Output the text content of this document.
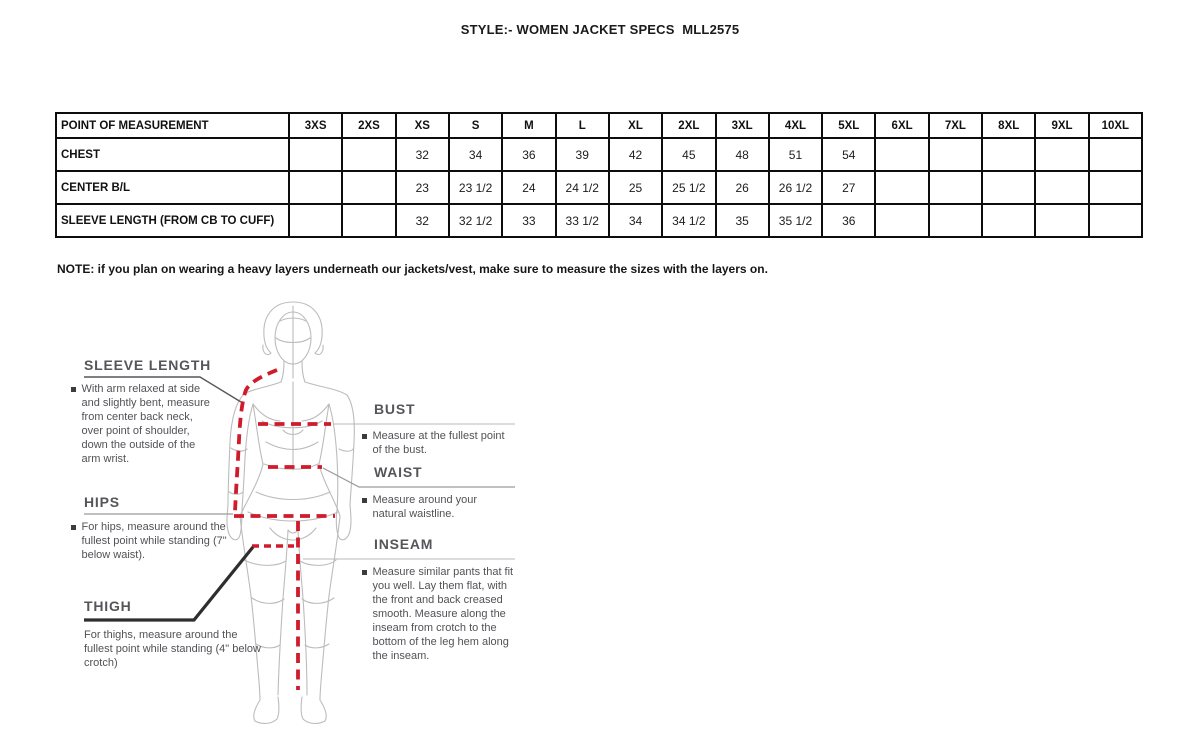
STYLE:- WOMEN JACKET SPECS  MLL2575
POINT OF MEASUREMENT	3XS	2XS	XS	S	M	L	XL	2XL	3XL	4XL	5XL	6XL	7XL	8XL	9XL	10XL
CHEST			32	34	36	39	42	45	48	51	54					
CENTER B/L			23	23 1/2	24	24 1/2	25	25 1/2	26	26 1/2	27					
SLEEVE LENGTH (FROM CB TO CUFF)			32	32 1/2	33	33 1/2	34	34 1/2	35	35 1/2	36					
NOTE: if you plan on wearing a heavy layers underneath our jackets/vest, make sure to measure the sizes with the layers on.
SLEEVE LENGTH
With arm relaxed at side and slightly bent, measure from center back neck, over point of shoulder, down the outside of the arm wrist.
HIPS
For hips, measure around the fullest point while standing (7" below waist).
THIGH
For thighs, measure around the fullest point while standing (4" below crotch)
BUST
Measure at the fullest point of the bust.
WAIST
Measure around your natural waistline.
INSEAM
Measure similar pants that fit you well. Lay them flat, with the front and back creased smooth. Measure along the inseam from crotch to the bottom of the leg hem along the inseam.
